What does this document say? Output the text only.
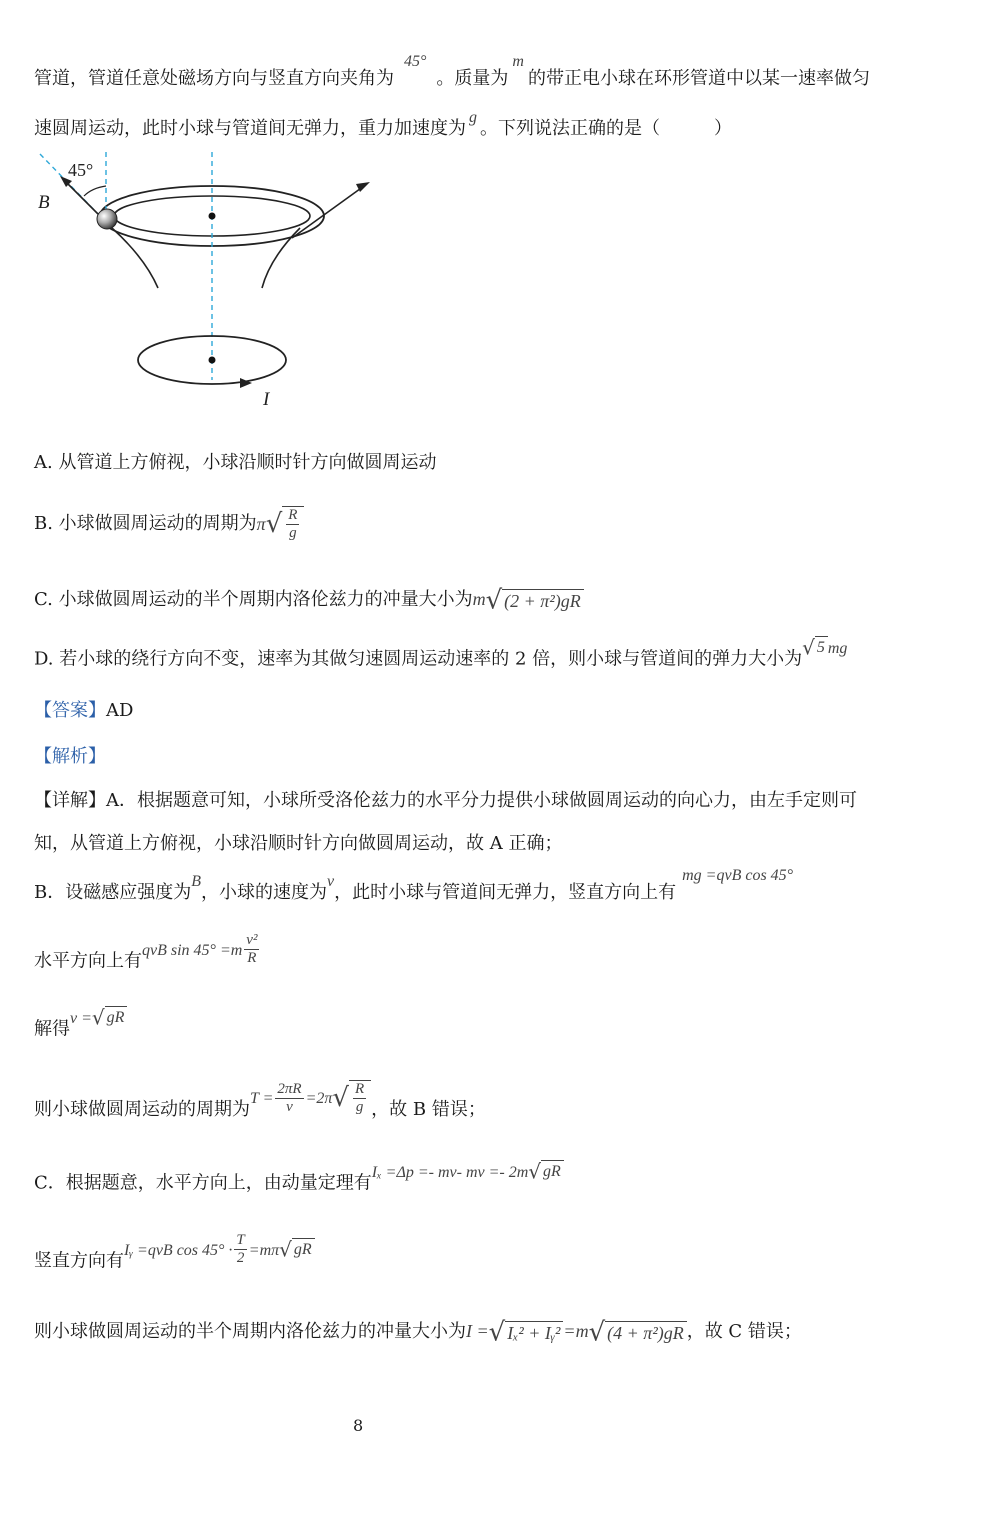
管道，管道任意处磁场方向与竖直方向夹角为45°。质量为m的带正电小球在环形管道中以某一速率做匀
速圆周运动，此时小球与管道间无弹力，重力加速度为g。下列说法正确的是（　　　）
45°
B
I
A. 从管道上方俯视，小球沿顺时针方向做圆周运动
B. 小球做圆周运动的周期为$\pi√ \frac{R}{g}$
C. 小球做圆周运动的半个周期内洛伦兹力的冲量大小为m√ (2 + π²)gR
D. 若小球的绕行方向不变，速率为其做匀速圆周运动速率的 2 倍，则小球与管道间的弹力大小为√ 5 mg
【答案】AD
【解析】
【详解】A．根据题意可知，小球所受洛伦兹力的水平分力提供小球做圆周运动的向心力，由左手定则可
知，从管道上方俯视，小球沿顺时针方向做圆周运动，故 A 正确；
B．设磁感应强度为B，小球的速度为v，此时小球与管道间无弹力，竖直方向上有mg =qvB cos 45°
水平方向上有qvB $\sin 45^\circ =m \frac{\text{v²}}{R}$
解得v =√ gR
则小球做圆周运动的周期为$T = \frac{2\pi R}{v} =2\pi√ \frac{R}{g}$ ，故 B 错误；
C．根据题意，水平方向上，由动量定理有Iₓ =Δp =- mv- mv =- 2m√ gR
竖直方向有Iᵧ =qvB $\cos 45^\circ \cdot \frac{T}{2} =m\pi√$ gR
则小球做圆周运动的半个周期内洛伦兹力的冲量大小为I =√ Iₓ² + Iᵧ² =m√ (4 + π²)gR ，故 C 错误；
8
